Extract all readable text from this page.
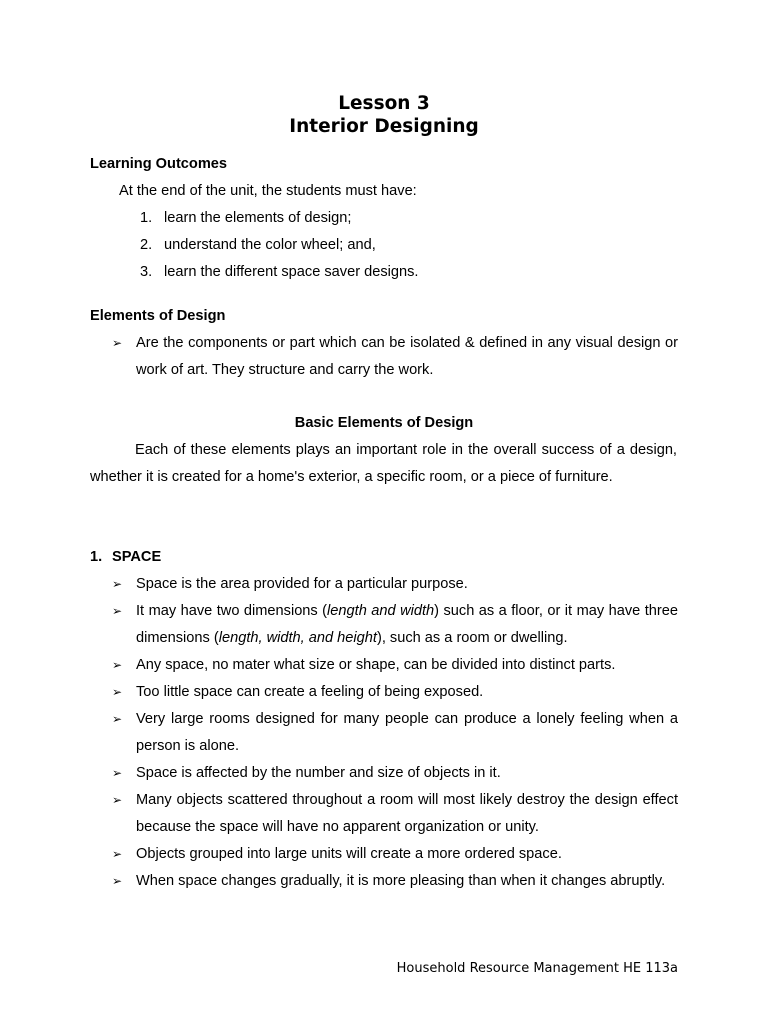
Lesson 3
Interior Designing
Learning Outcomes
At the end of the unit, the students must have:
1. learn the elements of design;
2. understand the color wheel; and,
3. learn the different space saver designs.
Elements of Design
➢ Are the components or part which can be isolated & defined in any visual design or work of art. They structure and carry the work.
Basic Elements of Design
Each of these elements plays an important role in the overall success of a design, whether it is created for a home's exterior, a specific room, or a piece of furniture.
1. SPACE
➢ Space is the area provided for a particular purpose.
➢ It may have two dimensions (length and width) such as a floor, or it may have three dimensions (length, width, and height), such as a room or dwelling.
➢ Any space, no mater what size or shape, can be divided into distinct parts.
➢ Too little space can create a feeling of being exposed.
➢ Very large rooms designed for many people can produce a lonely feeling when a person is alone.
➢ Space is affected by the number and size of objects in it.
➢ Many objects scattered throughout a room will most likely destroy the design effect because the space will have no apparent organization or unity.
➢ Objects grouped into large units will create a more ordered space.
➢ When space changes gradually, it is more pleasing than when it changes abruptly.
Household Resource Management HE 113a
